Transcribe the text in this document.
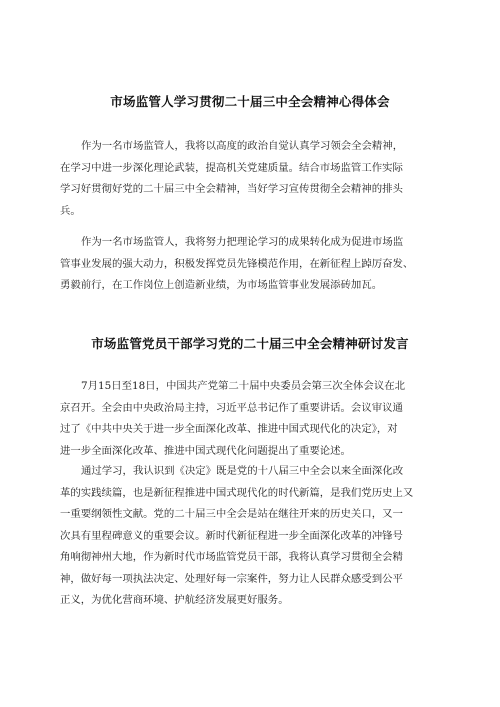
市场监管人学习贯彻二十届三中全会精神心得体会
作为一名市场监管人，我将以高度的政治自觉认真学习领会全会精神，
在学习中进一步深化理论武装，提高机关党建质量。结合市场监管工作实际
学习好贯彻好党的二十届三中全会精神，当好学习宣传贯彻全会精神的排头
兵。
作为一名市场监管人，我将努力把理论学习的成果转化成为促进市场监
管事业发展的强大动力，积极发挥党员先锋模范作用，在新征程上踔厉奋发、
勇毅前行，在工作岗位上创造新业绩，为市场监管事业发展添砖加瓦。
市场监管党员干部学习党的二十届三中全会精神研讨发言
7月15日至18日，中国共产党第二十届中央委员会第三次全体会议在北
京召开。全会由中央政治局主持，习近平总书记作了重要讲话。会议审议通
过了《中共中央关于进一步全面深化改革、推进中国式现代化的决定》，对
进一步全面深化改革、推进中国式现代化问题提出了重要论述。
通过学习，我认识到《决定》既是党的十八届三中全会以来全面深化改
革的实践续篇，也是新征程推进中国式现代化的时代新篇，是我们党历史上又
一重要纲领性文献。党的二十届三中全会是站在继往开来的历史关口，又一
次具有里程碑意义的重要会议。新时代新征程进一步全面深化改革的冲锋号
角响彻神州大地，作为新时代市场监管党员干部，我将认真学习贯彻全会精
神，做好每一项执法决定、处理好每一宗案件，努力让人民群众感受到公平
正义，为优化营商环境、护航经济发展更好服务。
